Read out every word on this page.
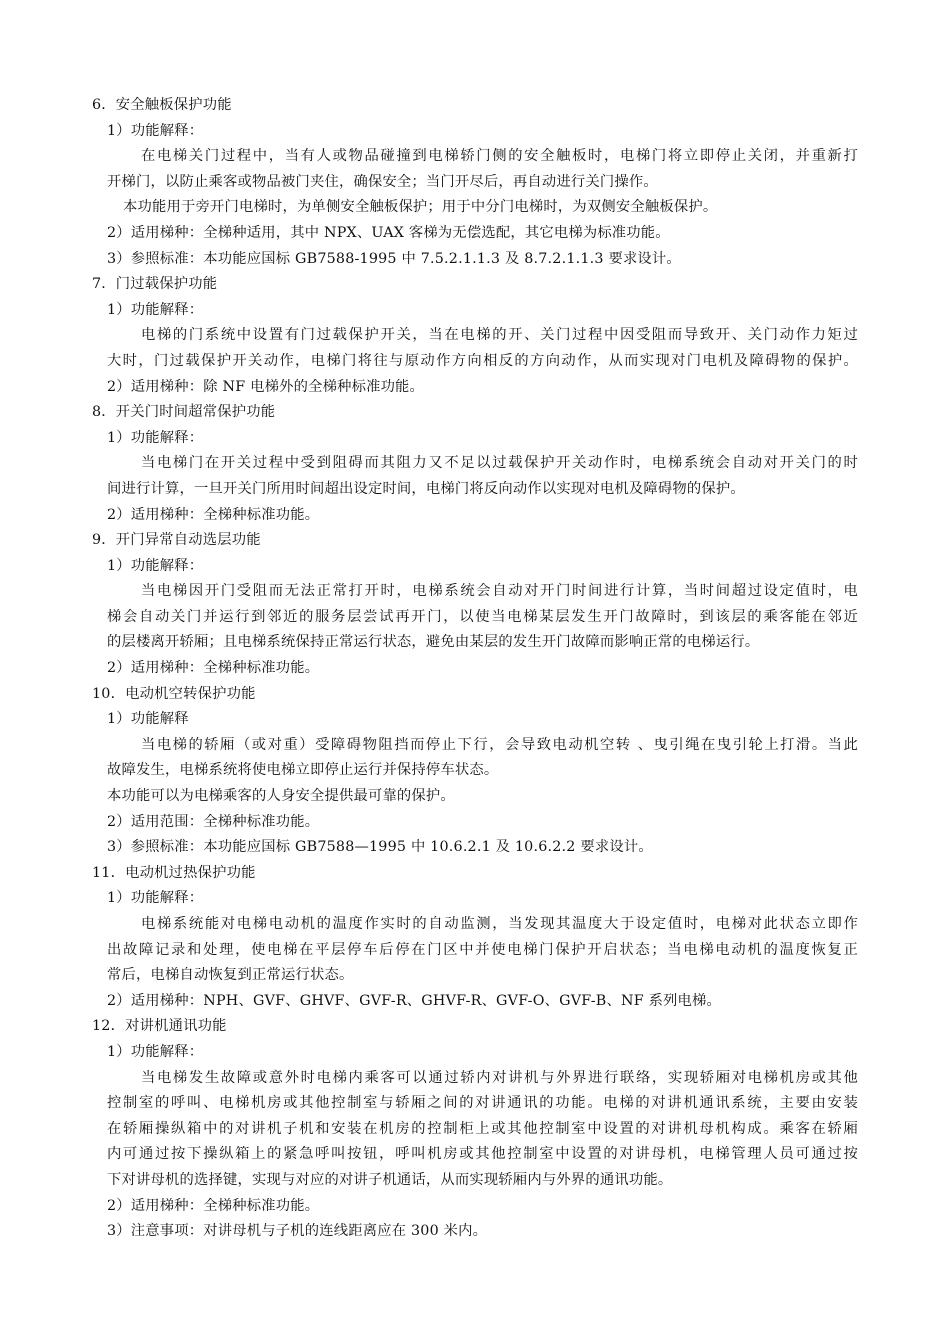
6．安全触板保护功能
1）功能解释：
在电梯关门过程中，当有人或物品碰撞到电梯轿门侧的安全触板时，电梯门将立即停止关闭，并重新打
开梯门，以防止乘客或物品被门夹住，确保安全；当门开尽后，再自动进行关门操作。
本功能用于旁开门电梯时，为单侧安全触板保护；用于中分门电梯时，为双侧安全触板保护。
2）适用梯种：全梯种适用，其中 NPX、UAX 客梯为无偿选配，其它电梯为标准功能。
3）参照标准：本功能应国标 GB7588-1995 中 7.5.2.1.1.3 及 8.7.2.1.1.3 要求设计。
7．门过载保护功能
1）功能解释：
电梯的门系统中设置有门过载保护开关，当在电梯的开、关门过程中因受阻而导致开、关门动作力矩过
大时，门过载保护开关动作，电梯门将往与原动作方向相反的方向动作，从而实现对门电机及障碍物的保护。
2）适用梯种：除 NF 电梯外的全梯种标准功能。
8．开关门时间超常保护功能
1）功能解释：
当电梯门在开关过程中受到阻碍而其阻力又不足以过载保护开关动作时，电梯系统会自动对开关门的时
间进行计算，一旦开关门所用时间超出设定时间，电梯门将反向动作以实现对电机及障碍物的保护。
2）适用梯种：全梯种标准功能。
9．开门异常自动选层功能
1）功能解释：
当电梯因开门受阻而无法正常打开时，电梯系统会自动对开门时间进行计算，当时间超过设定值时，电
梯会自动关门并运行到邻近的服务层尝试再开门，以使当电梯某层发生开门故障时，到该层的乘客能在邻近
的层楼离开轿厢；且电梯系统保持正常运行状态，避免由某层的发生开门故障而影响正常的电梯运行。
2）适用梯种：全梯种标准功能。
10．电动机空转保护功能
1）功能解释
当电梯的轿厢（或对重）受障碍物阻挡而停止下行，会导致电动机空转 、曳引绳在曳引轮上打滑。当此
故障发生，电梯系统将使电梯立即停止运行并保持停车状态。
本功能可以为电梯乘客的人身安全提供最可靠的保护。
2）适用范围：全梯种标准功能。
3）参照标准：本功能应国标 GB7588—1995 中 10.6.2.1 及 10.6.2.2 要求设计。
11．电动机过热保护功能
1）功能解释：
电梯系统能对电梯电动机的温度作实时的自动监测，当发现其温度大于设定值时，电梯对此状态立即作
出故障记录和处理，使电梯在平层停车后停在门区中并使电梯门保护开启状态；当电梯电动机的温度恢复正
常后，电梯自动恢复到正常运行状态。
2）适用梯种：NPH、GVF、GHVF、GVF-R、GHVF-R、GVF-O、GVF-B、NF 系列电梯。
12．对讲机通讯功能
1）功能解释：
当电梯发生故障或意外时电梯内乘客可以通过轿内对讲机与外界进行联络，实现轿厢对电梯机房或其他
控制室的呼叫、电梯机房或其他控制室与轿厢之间的对讲通讯的功能。电梯的对讲机通讯系统，主要由安装
在轿厢操纵箱中的对讲机子机和安装在机房的控制柜上或其他控制室中设置的对讲机母机构成。乘客在轿厢
内可通过按下操纵箱上的紧急呼叫按钮，呼叫机房或其他控制室中设置的对讲母机，电梯管理人员可通过按
下对讲母机的选择键，实现与对应的对讲子机通话，从而实现轿厢内与外界的通讯功能。
2）适用梯种：全梯种标准功能。
3）注意事项：对讲母机与子机的连线距离应在 300 米内。
